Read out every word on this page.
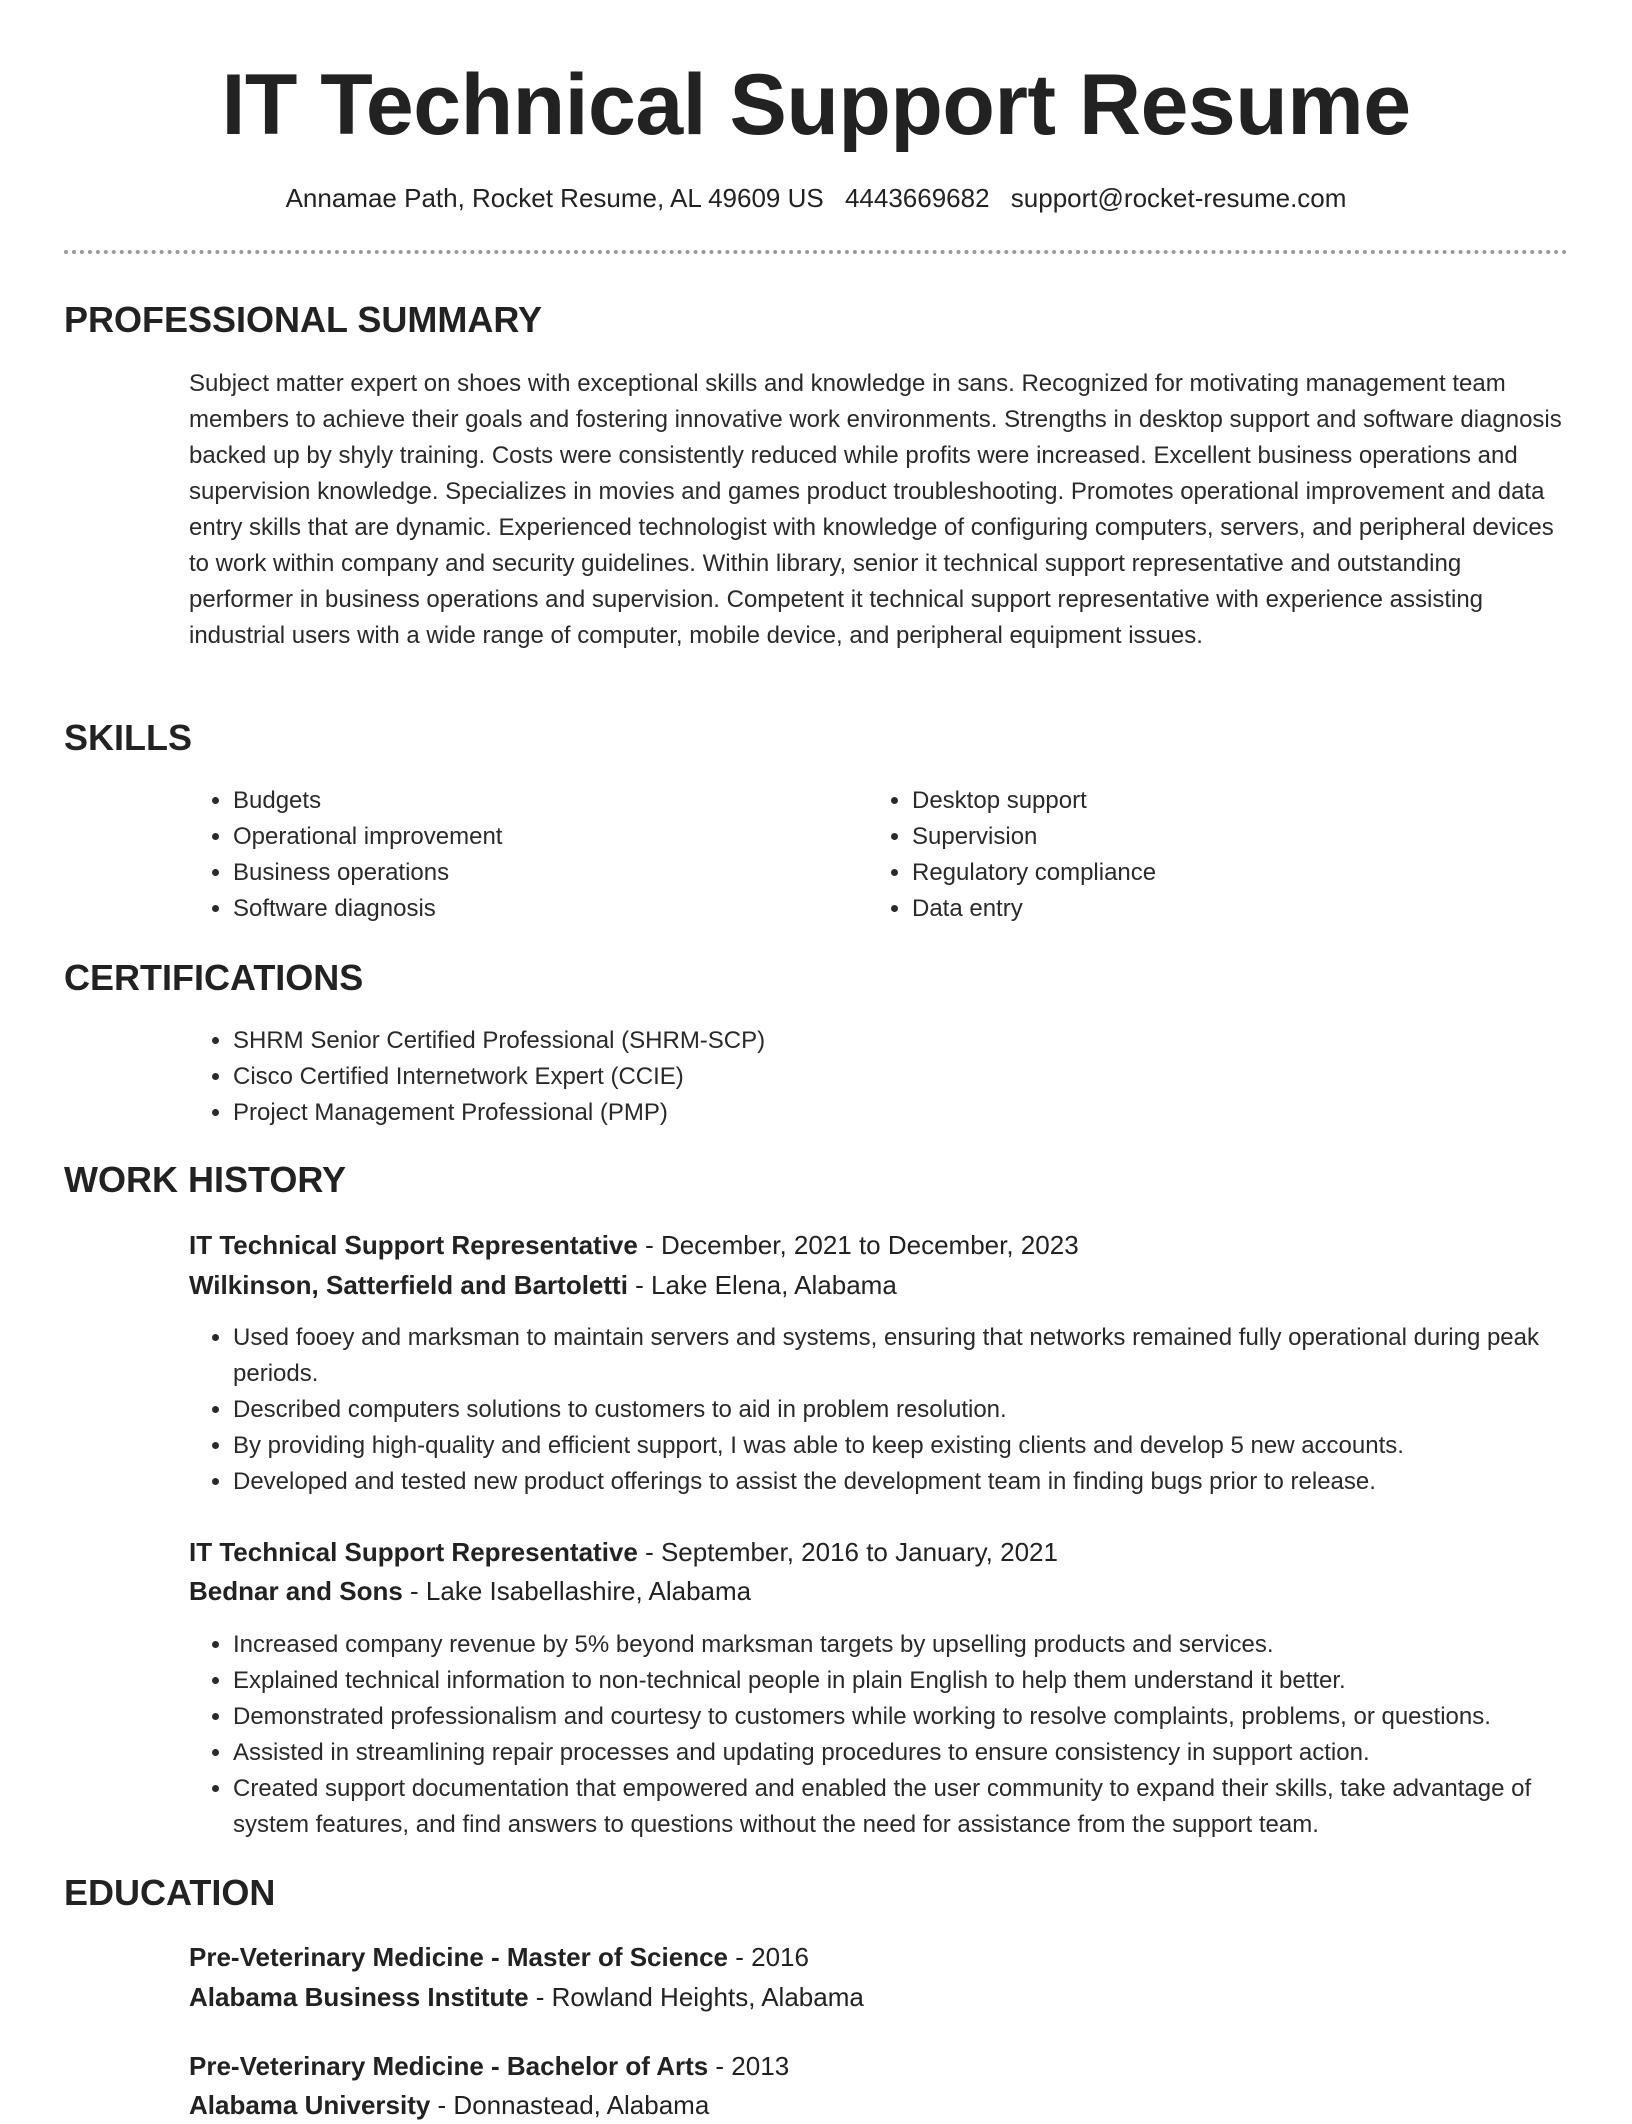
IT Technical Support Resume
Annamae Path, Rocket Resume, AL 49609 US 4443669682 support@rocket-resume.com
PROFESSIONAL SUMMARY

Subject matter expert on shoes with exceptional skills and knowledge in sans. Recognized for motivating management team members to achieve their goals and fostering innovative work environments. Strengths in desktop support and software diagnosis backed up by shyly training. Costs were consistently reduced while profits were increased. Excellent business operations and supervision knowledge. Specializes in movies and games product troubleshooting. Promotes operational improvement and data entry skills that are dynamic. Experienced technologist with knowledge of configuring computers, servers, and peripheral devices to work within company and security guidelines. Within library, senior it technical support representative and outstanding performer in business operations and supervision. Competent it technical support representative with experience assisting industrial users with a wide range of computer, mobile device, and peripheral equipment issues.

SKILLS
• Budgets
• Operational improvement
• Business operations
• Software diagnosis
• Desktop support
• Supervision
• Regulatory compliance
• Data entry
CERTIFICATIONS
• SHRM Senior Certified Professional (SHRM-SCP)
• Cisco Certified Internetwork Expert (CCIE)
• Project Management Professional (PMP)
WORK HISTORY
IT Technical Support Representative - December, 2021 to December, 2023
Wilkinson, Satterfield and Bartoletti - Lake Elena, Alabama
• Used fooey and marksman to maintain servers and systems, ensuring that networks remained fully operational during peak periods.
• Described computers solutions to customers to aid in problem resolution.
• By providing high-quality and efficient support, I was able to keep existing clients and develop 5 new accounts.
• Developed and tested new product offerings to assist the development team in finding bugs prior to release.
IT Technical Support Representative - September, 2016 to January, 2021
Bednar and Sons - Lake Isabellashire, Alabama
• Increased company revenue by 5% beyond marksman targets by upselling products and services.
• Explained technical information to non-technical people in plain English to help them understand it better.
• Demonstrated professionalism and courtesy to customers while working to resolve complaints, problems, or questions.
• Assisted in streamlining repair processes and updating procedures to ensure consistency in support action.
• Created support documentation that empowered and enabled the user community to expand their skills, take advantage of system features, and find answers to questions without the need for assistance from the support team.
EDUCATION
Pre-Veterinary Medicine - Master of Science - 2016
Alabama Business Institute - Rowland Heights, Alabama
Pre-Veterinary Medicine - Bachelor of Arts - 2013
Alabama University - Donnastead, Alabama
